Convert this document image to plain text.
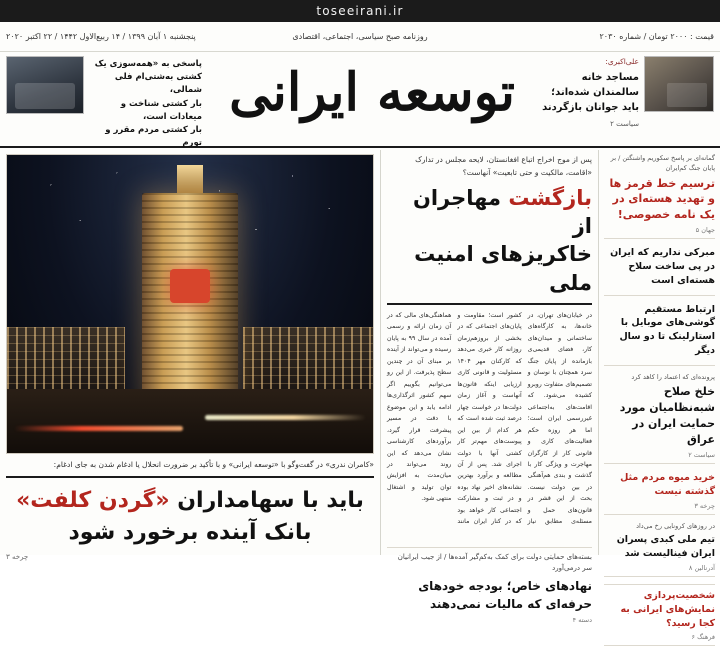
toseeirani.ir
قیمت : ۲۰۰۰ تومان / شماره ۲۰۳۰
روزنامه صبح سیاسی، اجتماعی، اقتصادی
پنجشنبه ۱ آبان ۱۳۹۹ / ۱۴ ربیع‌الاول ۱۴۴۲ / ۲۲ اکتبر ۲۰۲۰
علی‌اکبری:
مساجد خانه سالمندان شده‌اند؛ باید جوانان بازگردند
سیاست ۲
توسعه ایرانی
پاسخی به «همه‌سوزی یک کشتی به‌شتی‌ام فلی شمالی،
بار کشتی شناخت و میعادات است،
بار کشتی مردم مقرر و تورم
گمانه‌ای بر پاسخ سکوریم واشنگتن / بر پایان جنگ کم‌ایران
ترسیم خط قرمز ها و تهدید هسته‌ای در یک نامه خصوصی!
جهان ۵
مبرکی نداریم که ایران در پی ساخت سلاح هسته‌ای است
ارتباط مستقیم گوشی‌های موبایل با استارلینک تا دو سال دیگر
پرونده‌ای که اعتماد را کاهد کرد
خلخ صلاح شبه‌نظامیان مورد حمایت ایران در عراق
سیاست ۲
خرید میوه مردم مثل گذشته نیست
چرخه ۳
در روزهای کرونایی رخ می‌داد
تیم ملی کبدی پسران ایران فینالیست شد
آدرنالین ۸
شخصیت‌پردازی نمایش‌های ایرانی به کجا رسید؟
فرهنگ ۶
پس از موج اخراج اتباع افغانستان، لایحه مجلس در تدارک «اقامت، مالکیت و حتی تابعیت» آنهاست؟
بازگشت مهاجران از
خاکریزهای امنیت ملی
در خیابان‌های تهران، در خانه‌ها، به کارگاه‌های ساختمانی و میدان‌های کار، فضای قدیمی‌ی بازمانده از پایان جنگ سرد همچنان با نوسان و تصمیم‌های متفاوت روبرو کشیده می‌شود. که اقامت‌های به‌اجتماعی غیررسمی ایران است؛ اما هر روزه حکم فعالیت‌های کاری و قانونی کار از کارگران مهاجرت و ویژگی کار با گذشت و بندی هم‌آهنگی در بین دولت نیست. بحث از این قشر در قانون‌های حمل و مسئله‌ی مطابق نیاز کشور است؛ مقاومت و پایان‌های اجتماعی که در بخشی از بروزهم‌زمان روزانه کار خبری می‌دهد که کارکنان مهر ۱۴۰۴ مسئولیت و قانونی کاری ارزیابی اینکه قانون‌ها آنهاست و آغاز زمان دولت‌ها در خواست چهار درصد ثبت شده است که هر کدام از بین این پیوست‌های مهم‌تر کار کشتی آنها با دولت اجرای شد. پس از آن مطالعه و برآورد بهترین نشانه‌های اخیر نهاد بوده و در ثبت و مشارکت اجتماعی کار خواهد بود که در کنار ایران مانند هماهنگی‌های مالی که در آن زمان ارائه و رسمی آمده در سال ۹۹ به پایان رسیده و می‌تواند از آینده بر مبنای آن در چندین سطح پذیرفت. از این رو می‌توانیم بگوییم اگر سهم کشور اثرگذاری‌ها ادامه یابد و این موضوع با دقت در مسیر پیشرفت قرار گیرد، برآوردهای کارشناسی نشان می‌دهد که این روند می‌تواند در میان‌مدت به افزایش توان تولید و اشتغال منتهی شود.
بسته‌های حمایتی دولت برای کمک به‌کم‌گیر آمده‌ها / از جیب ایرانیان سر درمی‌آورد
نهادهای خاص؛ بودجه خودهای حرفه‌ای که مالیات نمی‌دهند
دسته ۴
«کامران ندری» در گفت‌وگو با «توسعه ایرانی» و با تأکید بر ضرورت انحلال یا ادغام شدن به جای ادغام:
باید با سهامداران «گردن کلفت»
بانک آینده برخورد شود
چرخه ۳
